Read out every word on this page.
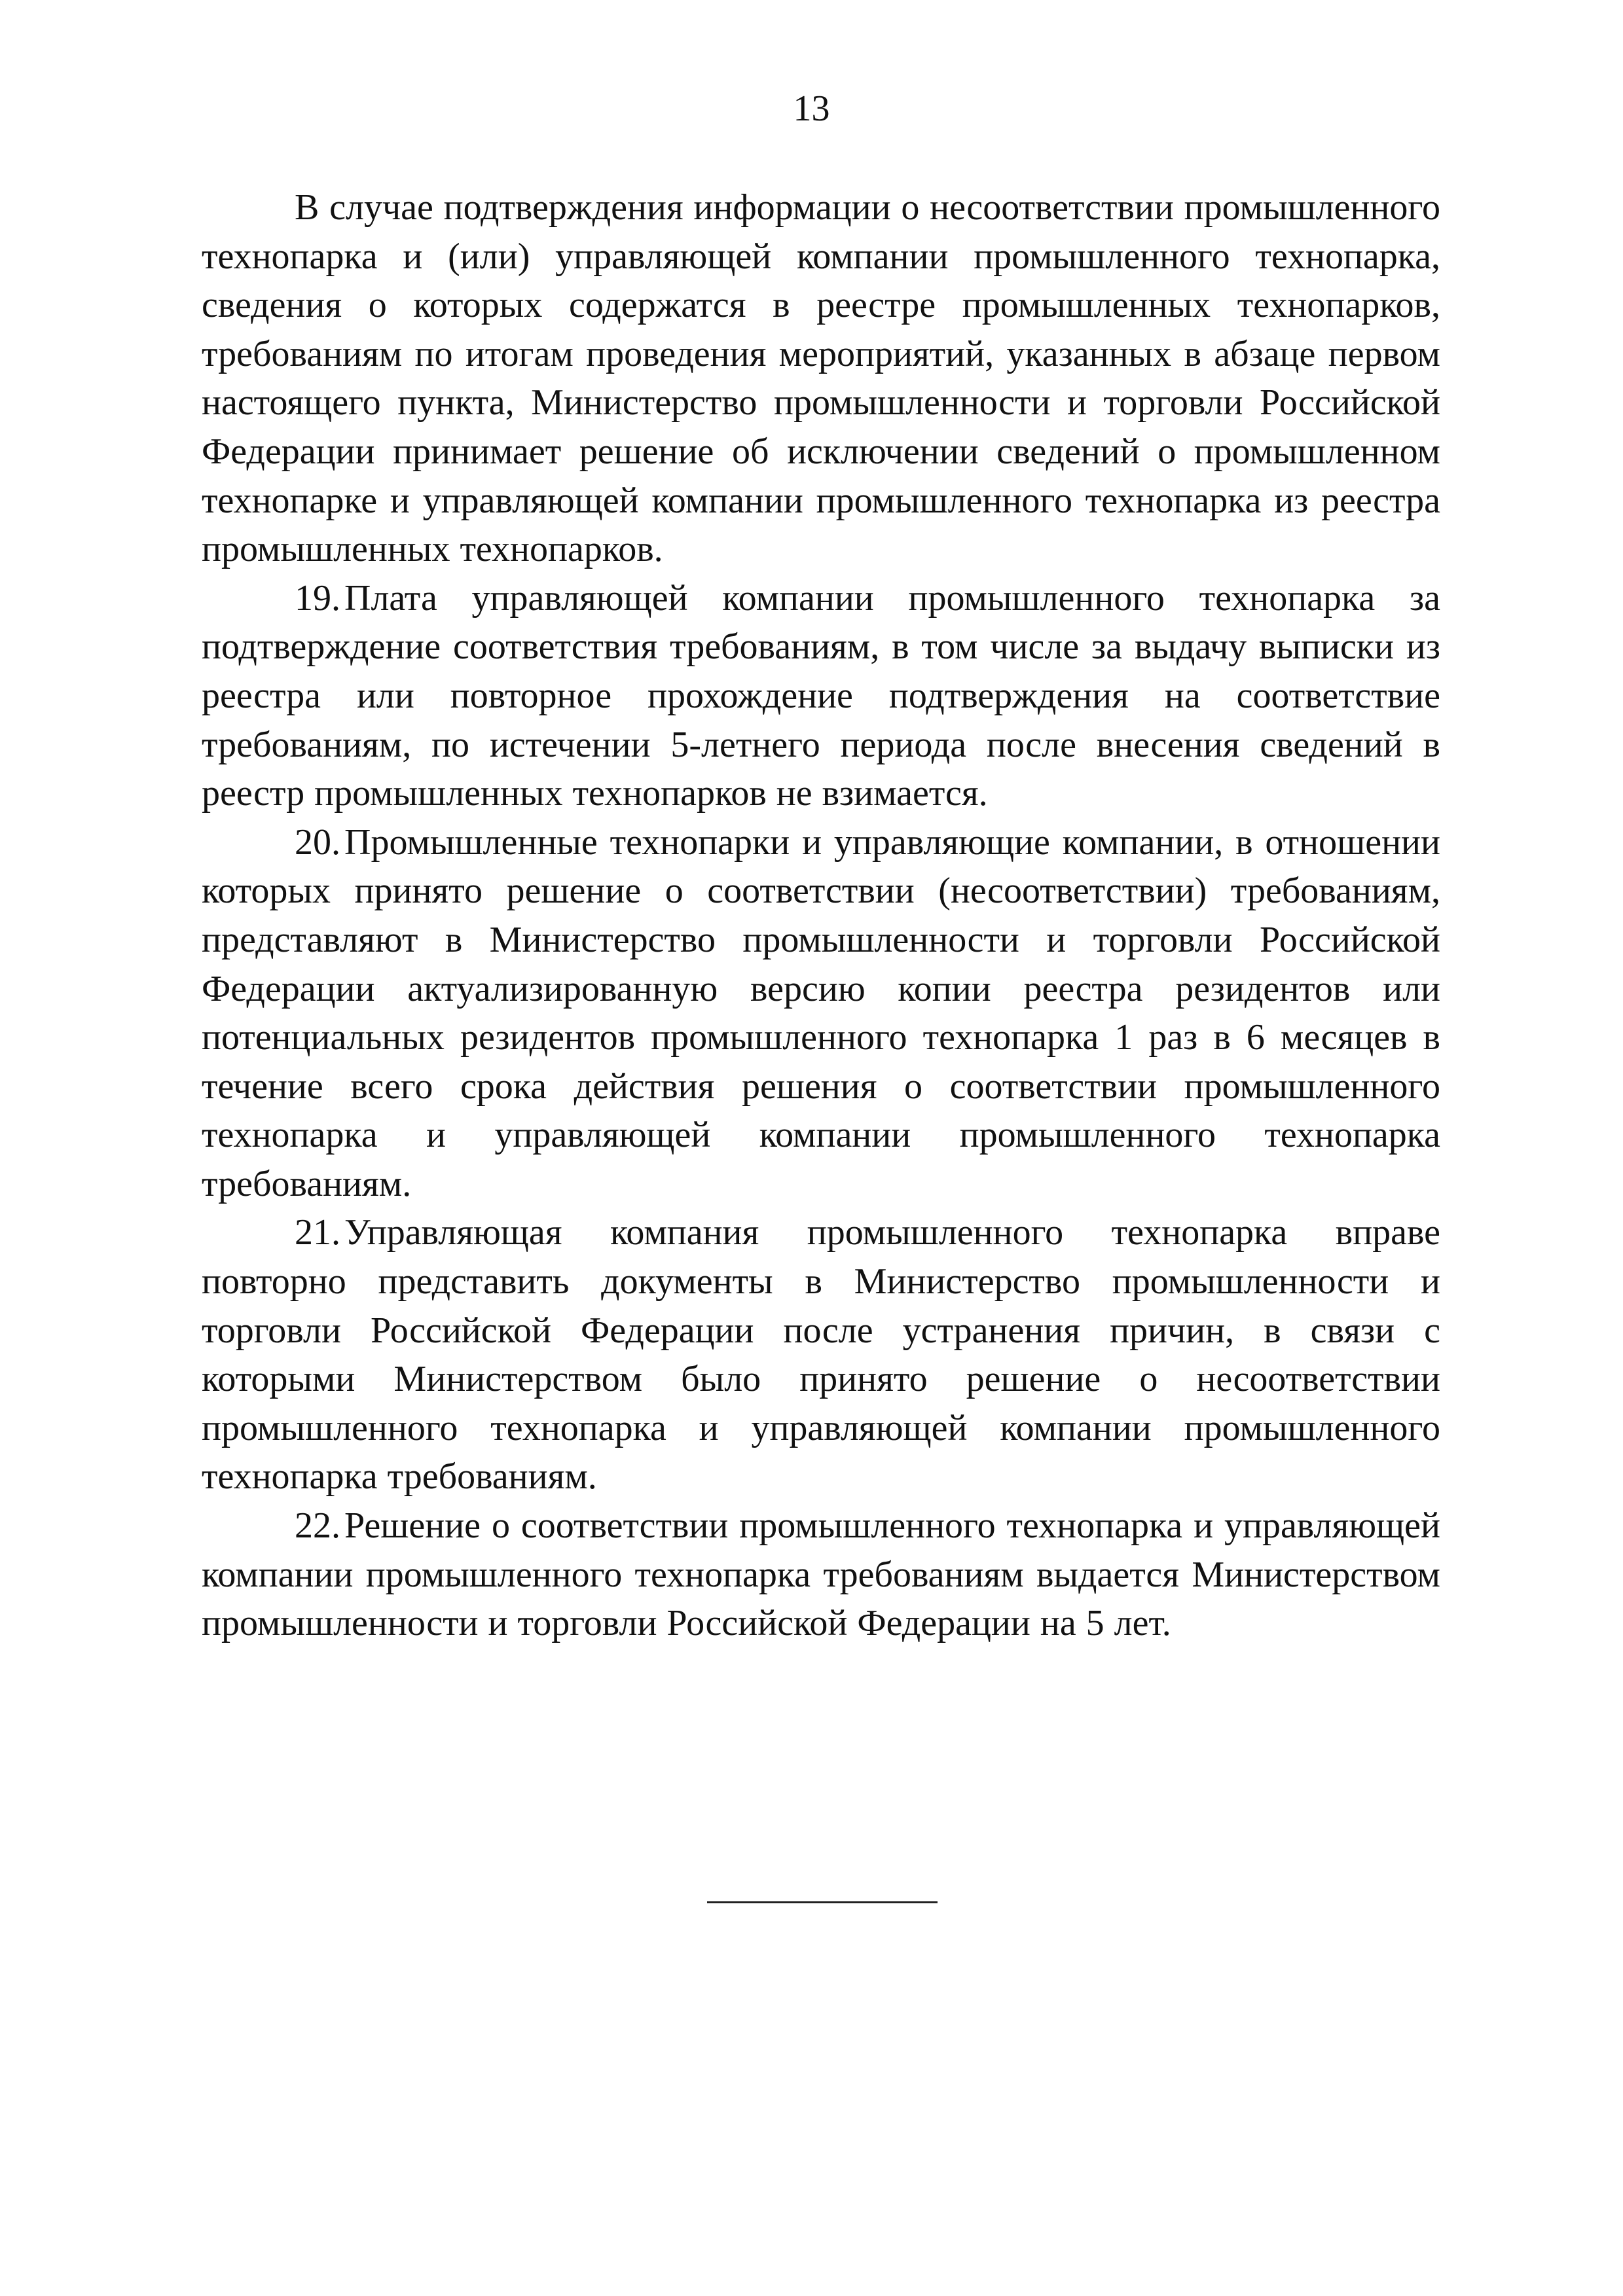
13

В случае подтверждения информации о несоответствии промышленного технопарка и (или) управляющей компании промышленного технопарка, сведения о которых содержатся в реестре промышленных технопарков, требованиям по итогам проведения мероприятий, указанных в абзаце первом настоящего пункта, Министерство промышленности и торговли Российской Федерации принимает решение об исключении сведений о промышленном технопарке и управляющей компании промышленного технопарка из реестра промышленных технопарков.

19. Плата управляющей компании промышленного технопарка за подтверждение соответствия требованиям, в том числе за выдачу выписки из реестра или повторное прохождение подтверждения на соответствие требованиям, по истечении 5-летнего периода после внесения сведений в реестр промышленных технопарков не взимается.

20. Промышленные технопарки и управляющие компании, в отношении которых принято решение о соответствии (несоответствии) требованиям, представляют в Министерство промышленности и торговли Российской Федерации актуализированную версию копии реестра резидентов или потенциальных резидентов промышленного технопарка 1 раз в 6 месяцев в течение всего срока действия решения о соответствии промышленного технопарка и управляющей компании промышленного технопарка требованиям.

21. Управляющая компания промышленного технопарка вправе повторно представить документы в Министерство промышленности и торговли Российской Федерации после устранения причин, в связи с которыми Министерством было принято решение о несоответствии промышленного технопарка и управляющей компании промышленного технопарка требованиям.

22. Решение о соответствии промышленного технопарка и управляющей компании промышленного технопарка требованиям выдается Министерством промышленности и торговли Российской Федерации на 5 лет.
